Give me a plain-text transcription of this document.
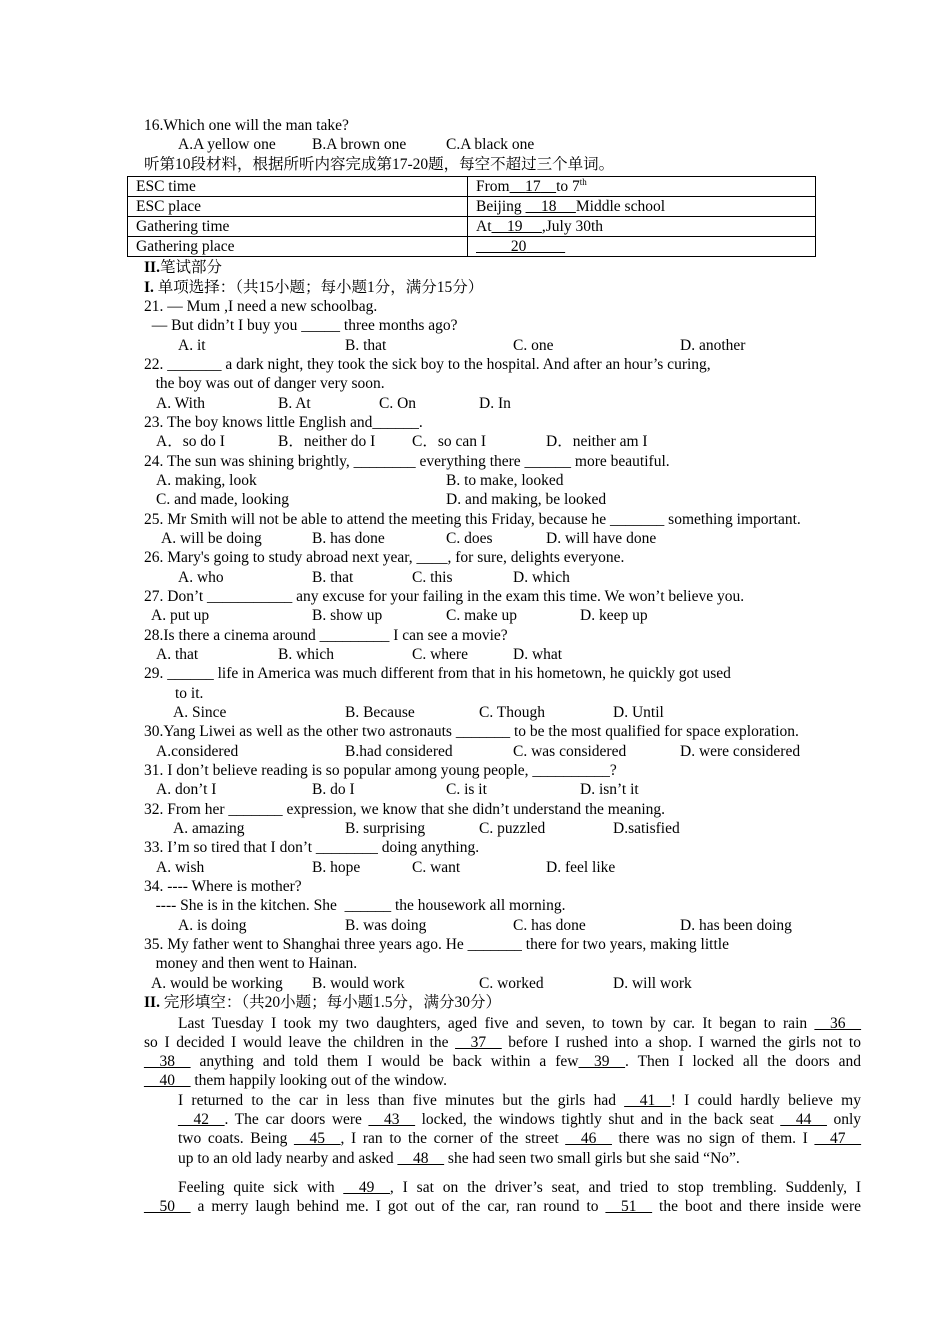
16.Which one will the man take?
A.A yellow one B.A brown one	C.A black one
听第10段材料，根据所听内容完成第17-20题，每空不超过三个单词。
ESC time	From 17 to 7th
ESC place	Beijing     18 Middle school
Gathering time	At 19 ,July 30th
Gathering place	20
II.笔试部分
I. 单项选择：（共15小题；每小题1分，满分15分）
21. — Mum ,I need a new schoolbag.
— But didn’t I buy you _____ three months ago?
A. it	B. that	C. one	D. another
22. _______ a dark night, they took the sick boy to the hospital. And after an hour’s curing,
the boy was out of danger very soon.
A. With	B. At	C. On	D. In
23. The boy knows little English and______.
A．so do I	B．neither do I C．so can I	D．neither am I
24. The sun was shining brightly, ________ everything there ______ more beautiful.
A. making, look	B. to make, looked
C. and made, looking	D. and making, be looked
25. Mr Smith will not be able to attend the meeting this Friday, because he _______ something important.
A. will be doing	B. has done	C. does	D. will have done
26. Mary's going to study abroad next year, ____, for sure, delights everyone.
A. who	B. that	C. this	D. which
27. Don’t ___________ any excuse for your failing in the exam this time. We won’t believe you.
A. put up	B. show up	C. make up	D. keep up
28.Is there a cinema around _________ I can see a movie?
A. that	B. which	C. where	D. what
29. ______ life in America was much different from that in his hometown, he quickly got used
to it.
A. Since	B. Because	C. Though	D. Until
30.Yang Liwei as well as the other two astronauts _______ to be the most qualified for space exploration.
A.considered	B.had considered	C. was considered	D. were considered
31. I don’t believe reading is so popular among young people, __________?
A. don’t I	B. do I	C. is it	D. isn’t it
32. From her _______ expression, we know that she didn’t understand the meaning.
A. amazing	B. surprising	C. puzzled	D.satisfied
33. I’m so tired that I don’t ________ doing anything.
A. wish	B. hope	C. want	D. feel like
34. ---- Where is mother?
---- She is in the kitchen. She  ______ the housework all morning.
A. is doing	B. was doing	C. has done	D. has been doing
35. My father went to Shanghai three years ago. He _______ there for two years, making little
money and then went to Hainan.
A. would be working B. would work	C. worked	D. will work
II. 完形填空：（共20小题；每小题1.5分，满分30分）
Last Tuesday I took my two daughters, aged five and seven, to town by car. It began to rain __36__
so I decided I would leave the children in the __37__ before I rushed into a shop. I warned the girls not to
__38__ anything and told them I would be back within a few__39__. Then I locked all the doors and
__40__ them happily looking out of the window.
I returned to the car in less than five minutes but the girls had __41__! I could hardly believe my
__42__. The car doors were __43__ locked, the windows tightly shut and in the back seat __44__ only
two coats. Being __45__, I ran to the corner of the street __46__ there was no sign of them. I __47__
up to an old lady nearby and asked __48__ she had seen two small girls but she said “No”.
Feeling quite sick with __49__, I sat on the driver’s seat, and tried to stop trembling. Suddenly, I
__50__ a merry laugh behind me. I got out of the car, ran round to __51__ the boot and there inside were
